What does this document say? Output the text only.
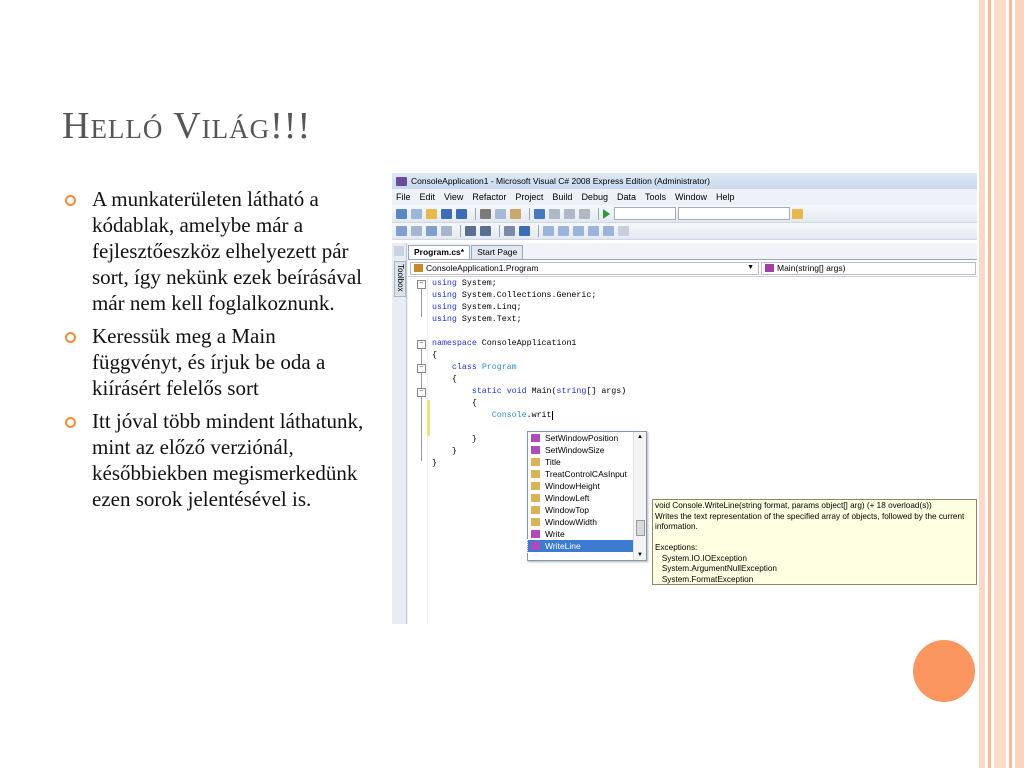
Helló Világ!!!
A munkaterületen látható a kódablak, amelybe már a fejlesztőeszköz elhelyezett pár sort, így nekünk ezek beírásával már nem kell foglalkoznunk.
Keressük meg a Main függvényt, és írjuk be oda a kiírásért felelős sort
Itt jóval több mindent láthatunk, mint az előző verziónál, későbbiekben megismerkedünk ezen sorok jelentésével is.
ConsoleApplication1 - Microsoft Visual C# 2008 Express Edition (Administrator)
File Edit View Refactor Project Build Debug Data Tools Window Help
Toolbox
Program.cs*	Start Page
ConsoleApplication1.Program	▼	Main(string[] args)
−
−
−
−
using System;
using System.Collections.Generic;
using System.Linq;
using System.Text;
namespace ConsoleApplication1
{
class Program
{
static void Main(string[] args)
{
Console.writ
}
}
}
SetWindowPosition
SetWindowSize
Title
TreatControlCAsInput
WindowHeight
WindowLeft
WindowTop
WindowWidth
Write
WriteLine
▲
▼
void Console.WriteLine(string format, params object[] arg) (+ 18 overload(s))
Writes the text representation of the specified array of objects, followed by the current
information.
Exceptions:
System.IO.IOException
System.ArgumentNullException
System.FormatException
